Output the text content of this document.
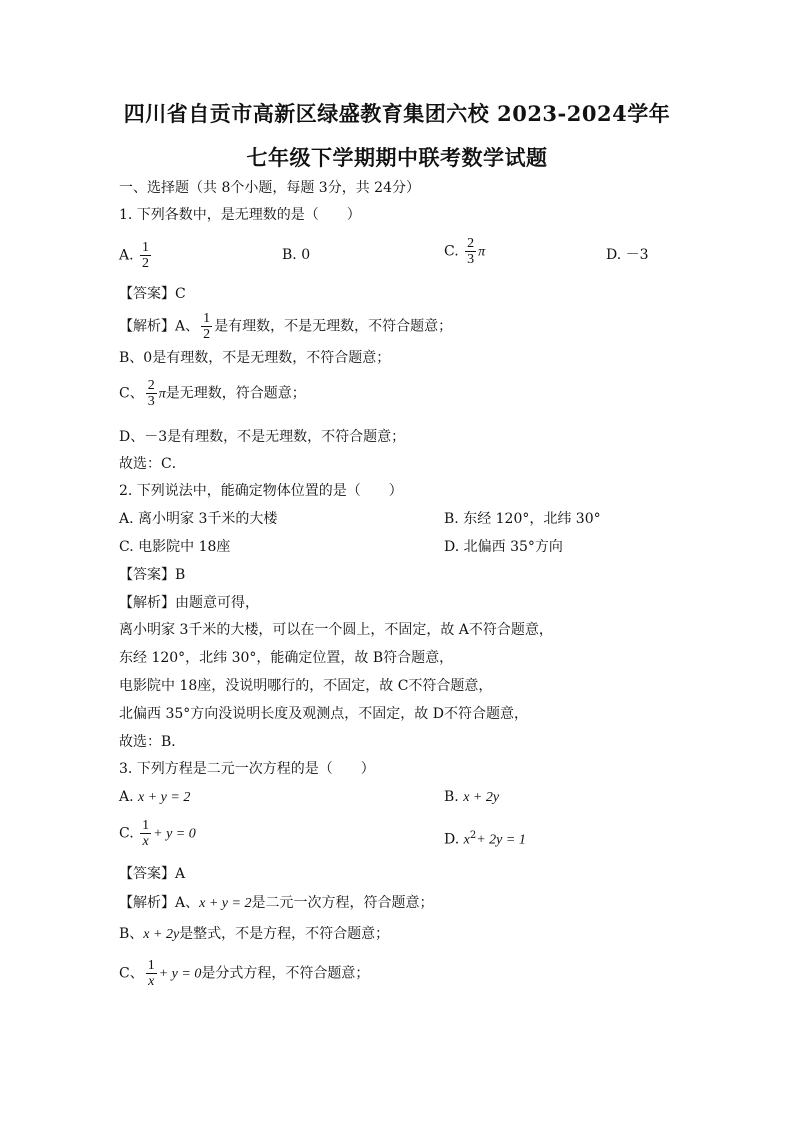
四川省自贡市高新区绿盛教育集团六校 2023-2024学年
七年级下学期期中联考数学试题
一、选择题（共 8个小题，每题 3分，共 24分）
1. 下列各数中，是无理数的是（　　）
A. $\frac{1}{2}$	B. 0	C. $\frac{2}{3}$ π	D. －3
【答案】C
【解析】A、 $\frac{1}{2}$ 是有理数，不是无理数，不符合题意；
B、0是有理数，不是无理数，不符合题意；
C、 $\frac{2}{3}$ π是无理数，符合题意；
D、－3是有理数，不是无理数，不符合题意；
故选：C．
2. 下列说法中，能确定物体位置的是（　　）
A. 离小明家 3千米的大楼	B. 东经 120°，北纬 30°
C. 电影院中 18座	D. 北偏西 35°方向
【答案】B
【解析】由题意可得，
离小明家 3千米的大楼，可以在一个圆上，不固定，故 A不符合题意，
东经 120°，北纬 30°，能确定位置，故 B符合题意，
电影院中 18座，没说明哪行的，不固定，故 C不符合题意，
北偏西 35°方向没说明长度及观测点，不固定，故 D不符合题意，
故选：B．
3. 下列方程是二元一次方程的是（　　）
A. x + y = 2	B. x + 2y
C. $\frac{1}{x} + y = 0$	D. $x^2+ 2y = 1$
【答案】A
【解析】A、x + y = 2是二元一次方程，符合题意；
B、x + 2y是整式，不是方程，不符合题意；
C、 $\frac{1}{x} + y = 0$是分式方程，不符合题意；
